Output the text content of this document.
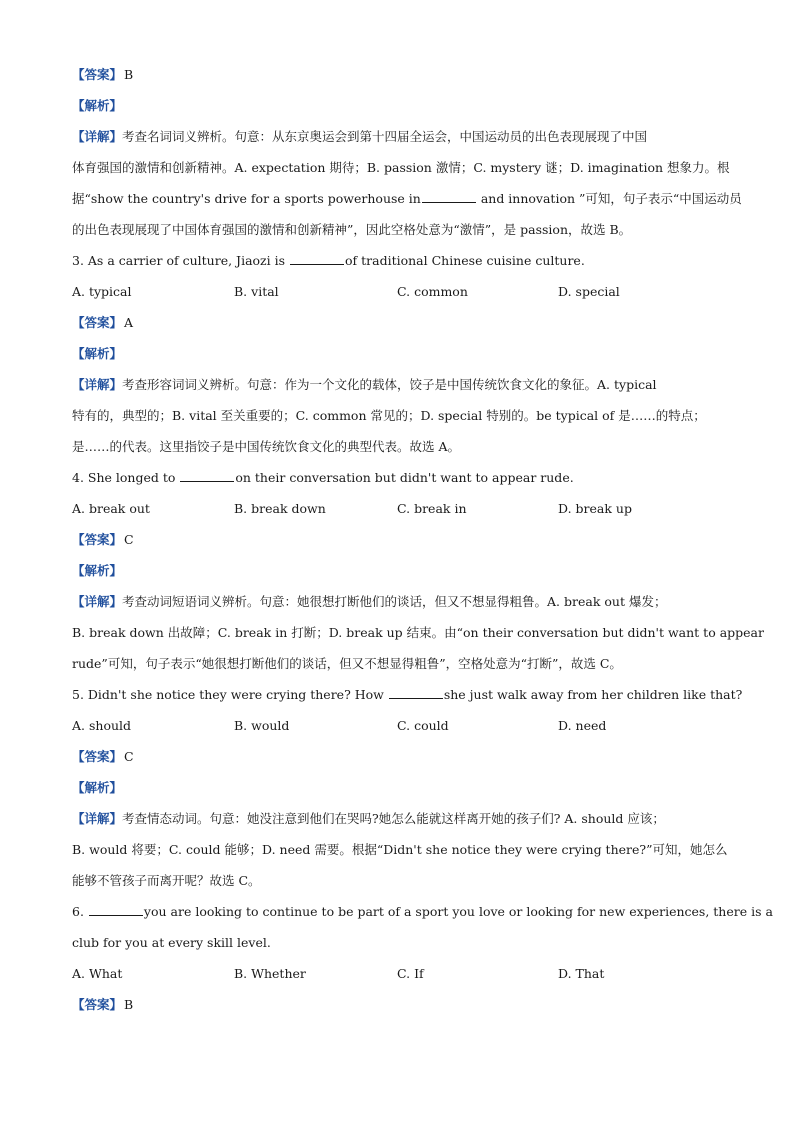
【答案】 B
【解析】
【详解】考查名词词义辨析。句意：从东京奥运会到第十四届全运会，中国运动员的出色表现展现了中国
体育强国的激情和创新精神。A. expectation 期待；B. passion 激情；C. mystery 谜；D. imagination 想象力。根
据“show the country's drive for a sports powerhouse in	and innovation ”可知，句子表示“中国运动员
的出色表现展现了中国体育强国的激情和创新精神”，因此空格处意为“激情”，是 passion，故选 B。
3. As a carrier of culture, Jiaozi is	of traditional Chinese cuisine culture.
A. typical	B. vital	C. common	D. special
【答案】 A
【解析】
【详解】考查形容词词义辨析。句意：作为一个文化的载体，饺子是中国传统饮食文化的象征。A. typical
特有的，典型的；B. vital 至关重要的；C. common 常见的；D. special 特别的。be typical of 是……的特点；
是……的代表。这里指饺子是中国传统饮食文化的典型代表。故选 A。
4. She longed to	on their conversation but didn't want to appear rude.
A. break out	B. break down	C. break in	D. break up
【答案】 C
【解析】
【详解】考查动词短语词义辨析。句意：她很想打断他们的谈话，但又不想显得粗鲁。A. break out 爆发；
B. break down 出故障；C. break in 打断；D. break up 结束。由“on their conversation but didn't want to appear
rude”可知，句子表示“她很想打断他们的谈话，但又不想显得粗鲁”，空格处意为“打断”，故选 C。
5. Didn't she notice they were crying there? How	she just walk away from her children like that?
A. should	B. would	C. could	D. need
【答案】 C
【解析】
【详解】考查情态动词。句意：她没注意到他们在哭吗?她怎么能就这样离开她的孩子们? A. should 应该；
B. would 将要；C. could 能够；D. need 需要。根据“Didn't she notice they were crying there?”可知，她怎么
能够不管孩子而离开呢？故选 C。
6.	you are looking to continue to be part of a sport you love or looking for new experiences, there is a
club for you at every skill level.
A. What	B. Whether	C. If	D. That
【答案】 B
